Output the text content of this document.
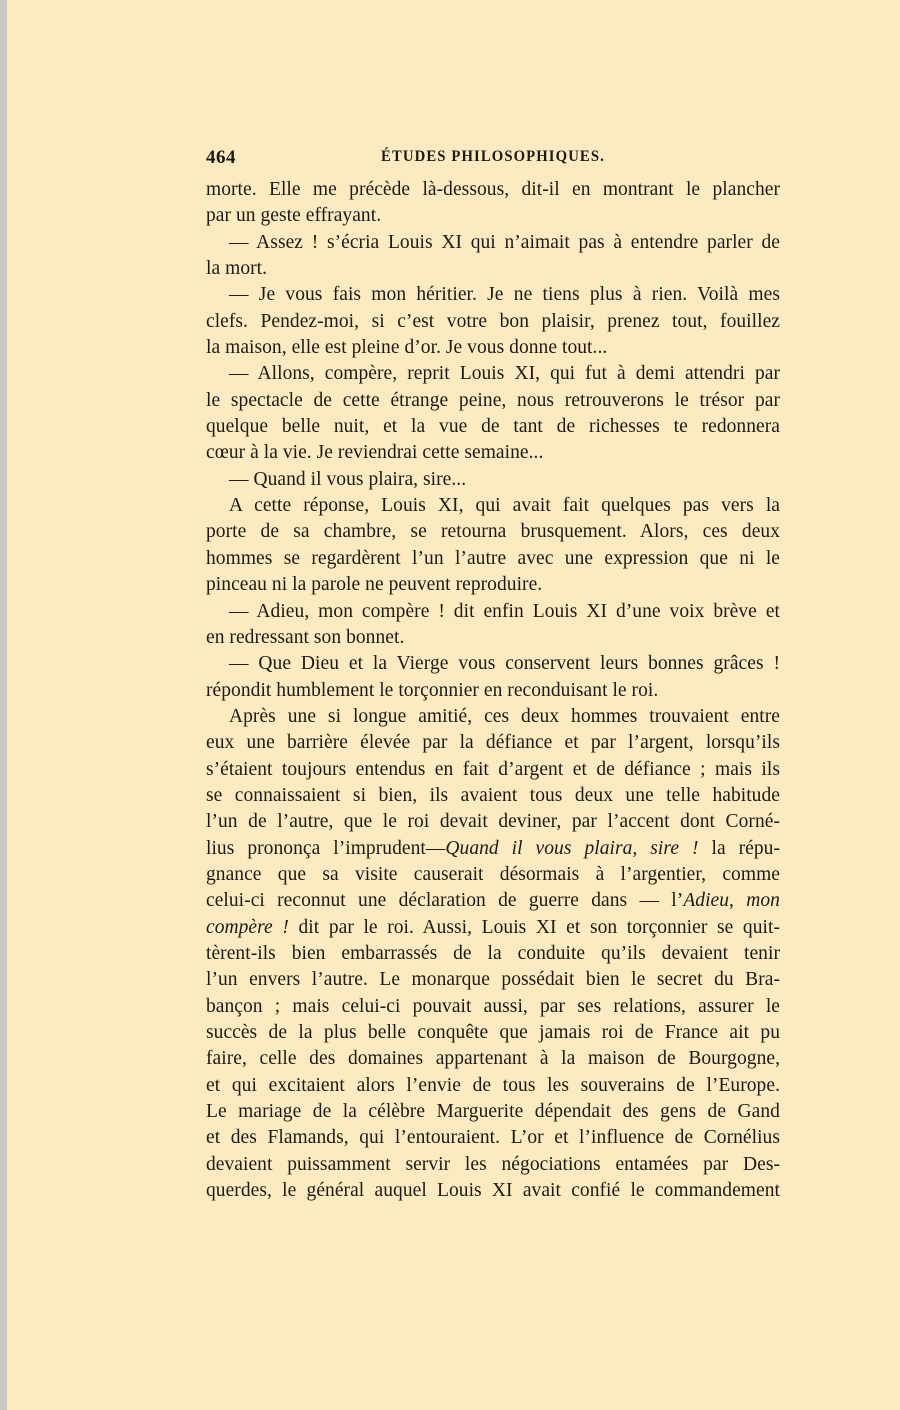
464	ÉTUDES PHILOSOPHIQUES.
morte. Elle me précède là-dessous, dit-il en montrant le plancher
par un geste effrayant.
— Assez ! s’écria Louis XI qui n’aimait pas à entendre parler de
la mort.
— Je vous fais mon héritier. Je ne tiens plus à rien. Voilà mes
clefs. Pendez-moi, si c’est votre bon plaisir, prenez tout, fouillez
la maison, elle est pleine d’or. Je vous donne tout...
— Allons, compère, reprit Louis XI, qui fut à demi attendri par
le spectacle de cette étrange peine, nous retrouverons le trésor par
quelque belle nuit, et la vue de tant de richesses te redonnera
cœur à la vie. Je reviendrai cette semaine...
— Quand il vous plaira, sire...
A cette réponse, Louis XI, qui avait fait quelques pas vers la
porte de sa chambre, se retourna brusquement. Alors, ces deux
hommes se regardèrent l’un l’autre avec une expression que ni le
pinceau ni la parole ne peuvent reproduire.
— Adieu, mon compère ! dit enfin Louis XI d’une voix brève et
en redressant son bonnet.
— Que Dieu et la Vierge vous conservent leurs bonnes grâces !
répondit humblement le torçonnier en reconduisant le roi.
Après une si longue amitié, ces deux hommes trouvaient entre
eux une barrière élevée par la défiance et par l’argent, lorsqu’ils
s’étaient toujours entendus en fait d’argent et de défiance ; mais ils
se connaissaient si bien, ils avaient tous deux une telle habitude
l’un de l’autre, que le roi devait deviner, par l’accent dont Corné-
lius prononça l’imprudent—Quand il vous plaira, sire ! la répu-
gnance que sa visite causerait désormais à l’argentier, comme
celui-ci reconnut une déclaration de guerre dans — l’Adieu, mon
compère ! dit par le roi. Aussi, Louis XI et son torçonnier se quit-
tèrent-ils bien embarrassés de la conduite qu’ils devaient tenir
l’un envers l’autre. Le monarque possédait bien le secret du Bra-
bançon ; mais celui-ci pouvait aussi, par ses relations, assurer le
succès de la plus belle conquête que jamais roi de France ait pu
faire, celle des domaines appartenant à la maison de Bourgogne,
et qui excitaient alors l’envie de tous les souverains de l’Europe.
Le mariage de la célèbre Marguerite dépendait des gens de Gand
et des Flamands, qui l’entouraient. L’or et l’influence de Cornélius
devaient puissamment servir les négociations entamées par Des-
querdes, le général auquel Louis XI avait confié le commandement
